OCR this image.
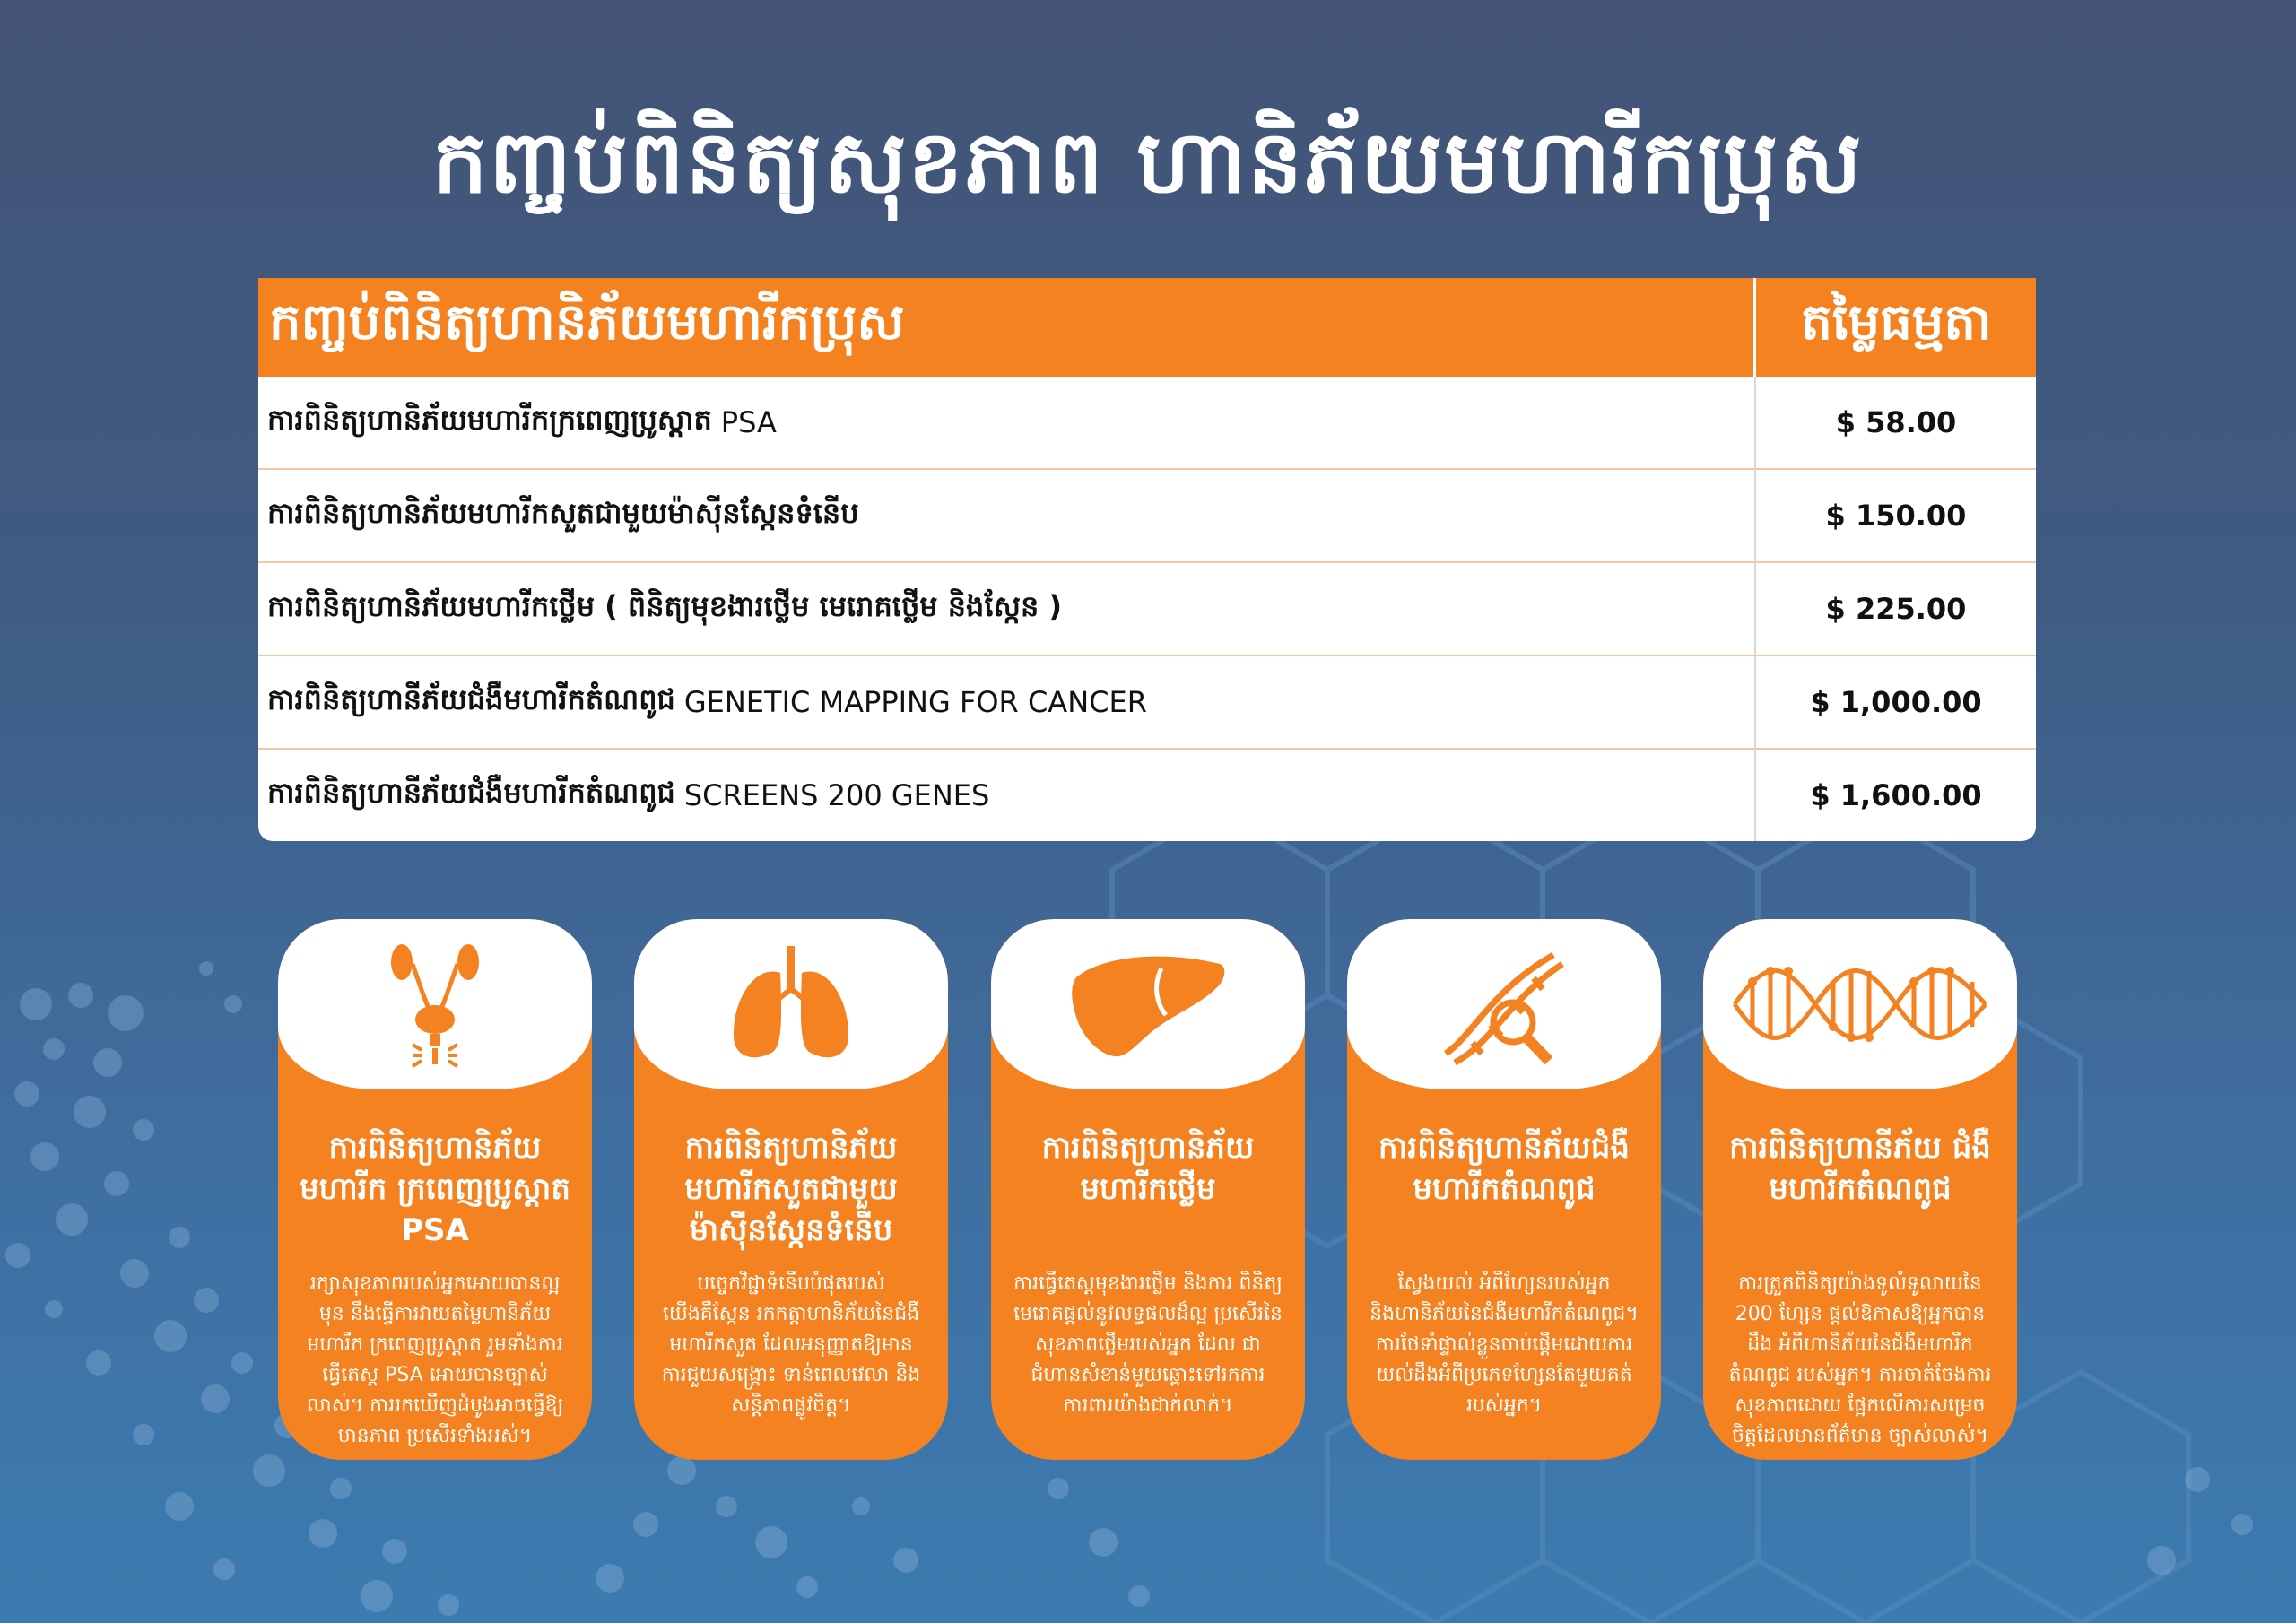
កញ្ចប់ពិនិត្យសុខភាព ហានិភ័យមហារីកប្រុស
កញ្ចប់ពិនិត្យហានិភ័យមហារីកប្រុស	តម្លៃធម្មតា
ការពិនិត្យហានិភ័យមហារីកក្រពេញប្រូស្តាត PSA	$ 58.00
ការពិនិត្យហានិភ័យមហារីកសួតជាមួយម៉ាស៊ីនស្កែនទំនើប	$ 150.00
ការពិនិត្យហានិភ័យមហារីកថ្លើម ( ពិនិត្យមុខងារថ្លើម មេរោគថ្លើម និងស្កែន )	$ 225.00
ការពិនិត្យហានីភ័យជំងឺមហារីកតំណពូជ GENETIC MAPPING FOR CANCER	$ 1,000.00
ការពិនិត្យហានីភ័យជំងឺមហារីកតំណពូជ SCREENS 200 GENES	$ 1,600.00
ការពិនិត្យហានិភ័យមហារីក ក្រពេញប្រូស្តាត PSA
រក្សាសុខភាពរបស់អ្នកអោយបានល្អមុន នឹងធ្វើការវាយតម្លៃហានិភ័យមហារីក ក្រពេញប្រូស្តាត រួមទាំងការធ្វើតេស្ត PSA អោយបានច្បាស់លាស់។ ការរកឃើញដំបូងអាចធ្វើឱ្យមានភាព ប្រសើរទាំងអស់។
ការពិនិត្យហានិភ័យ មហារីកសួតជាមួយ ម៉ាស៊ីនស្កែនទំនើប
បច្ចេកវិជ្ជាទំនើបបំផុតរបស់យើងគឺស្កែន រកកត្តាហានិភ័យនៃជំងឺមហារីកសួត ដែលអនុញ្ញាតឱ្យមានការជួយសង្គ្រោះ ទាន់ពេលវេលា និងសន្តិភាពផ្លូវចិត្ត។
ការពិនិត្យហានិភ័យ មហារីកថ្លើម
ការធ្វើតេស្តមុខងារថ្លើម និងការ ពិនិត្យមេរោគផ្តល់នូវលទ្ធផលដ៏ល្អ ប្រសើរនៃសុខភាពថ្លើមរបស់អ្នក ដែល ជាជំហានសំខាន់មួយឆ្ពោះទៅរកការ ការពារយ៉ាងជាក់លាក់។
ការពិនិត្យហានីភ័យជំងឺ មហារីកតំណពូជ
ស្វែងយល់ អំពីហ្សែនរបស់អ្នក និងហានិភ័យនៃជំងឺមហារីកតំណពូជ។ ការថែទាំផ្ទាល់ខ្លួនចាប់ផ្តើមដោយការ យល់ដឹងអំពីប្រភេទហ្សែនតែមួយគត់ របស់អ្នក។
ការពិនិត្យហានីភ័យ ជំងឺមហារីកតំណពូជ
ការត្រួតពិនិត្យយ៉ាងទូលំទូលាយនៃ 200 ហ្សែន ផ្តល់ឱកាសឱ្យអ្នកបានដឹង អំពីហានិភ័យនៃជំងឺមហារីកតំណពូជ របស់អ្នក។ ការចាត់ចែងការសុខភាពដោយ ផ្អែកលើការសម្រេចចិត្តដែលមានព័ត៌មាន ច្បាស់លាស់។
